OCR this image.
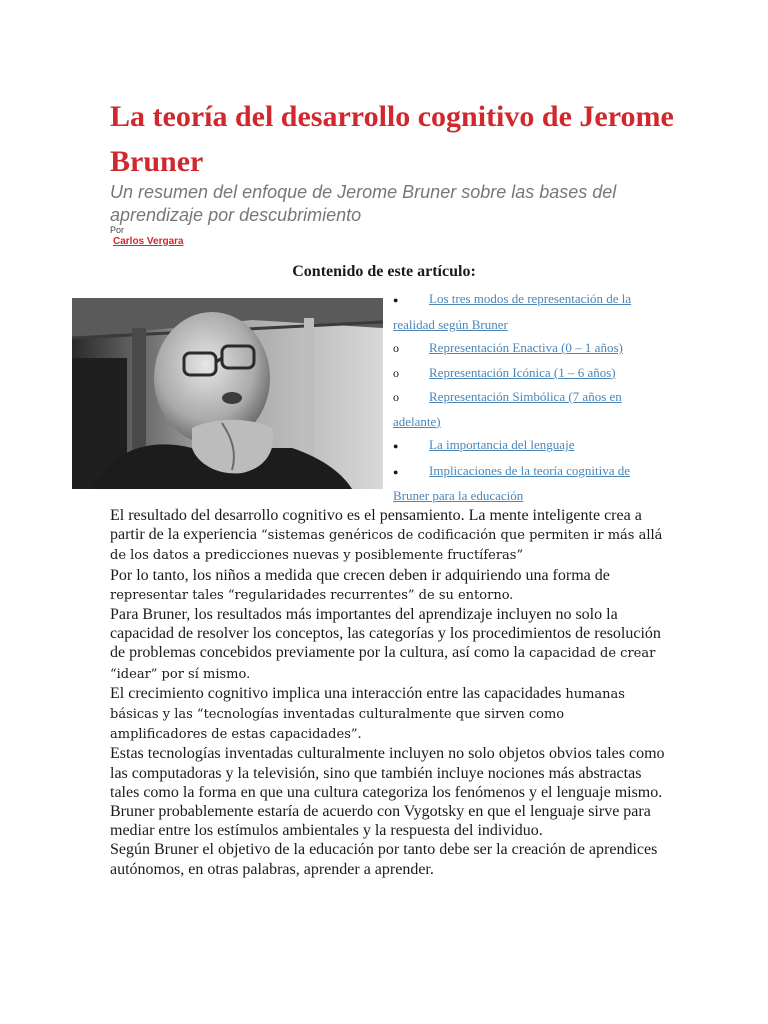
La teoría del desarrollo cognitivo de Jerome Bruner

Un resumen del enfoque de Jerome Bruner sobre las bases del aprendizaje por descubrimiento

Por
Carlos Vergara
Contenido de este artículo:
● Los tres modos de representación de la realidad según Bruner
o Representación Enactiva (0 – 1 años)
o Representación Icónica (1 – 6 años)
o Representación Simbólica (7 años en adelante)
● La importancia del lenguaje
● Implicaciones de la teoría cognitiva de Bruner para la educación

El resultado del desarrollo cognitivo es el pensamiento. La mente inteligente crea a partir de la experiencia “sistemas genéricos de codificación que permiten ir más allá de los datos a predicciones nuevas y posiblemente fructíferas”

Por lo tanto, los niños a medida que crecen deben ir adquiriendo una forma de representar tales “regularidades recurrentes” de su entorno.

Para Bruner, los resultados más importantes del aprendizaje incluyen no solo la capacidad de resolver los conceptos, las categorías y los procedimientos de resolución de problemas concebidos previamente por la cultura, así como la capacidad de crear “idear” por sí mismo.

El crecimiento cognitivo implica una interacción entre las capacidades humanas básicas y las “tecnologías inventadas culturalmente que sirven como amplificadores de estas capacidades”.

Estas tecnologías inventadas culturalmente incluyen no solo objetos obvios tales como las computadoras y la televisión, sino que también incluye nociones más abstractas tales como la forma en que una cultura categoriza los fenómenos y el lenguaje mismo.

Bruner probablemente estaría de acuerdo con Vygotsky en que el lenguaje sirve para mediar entre los estímulos ambientales y la respuesta del individuo.

Según Bruner el objetivo de la educación por tanto debe ser la creación de aprendices autónomos, en otras palabras, aprender a aprender.
